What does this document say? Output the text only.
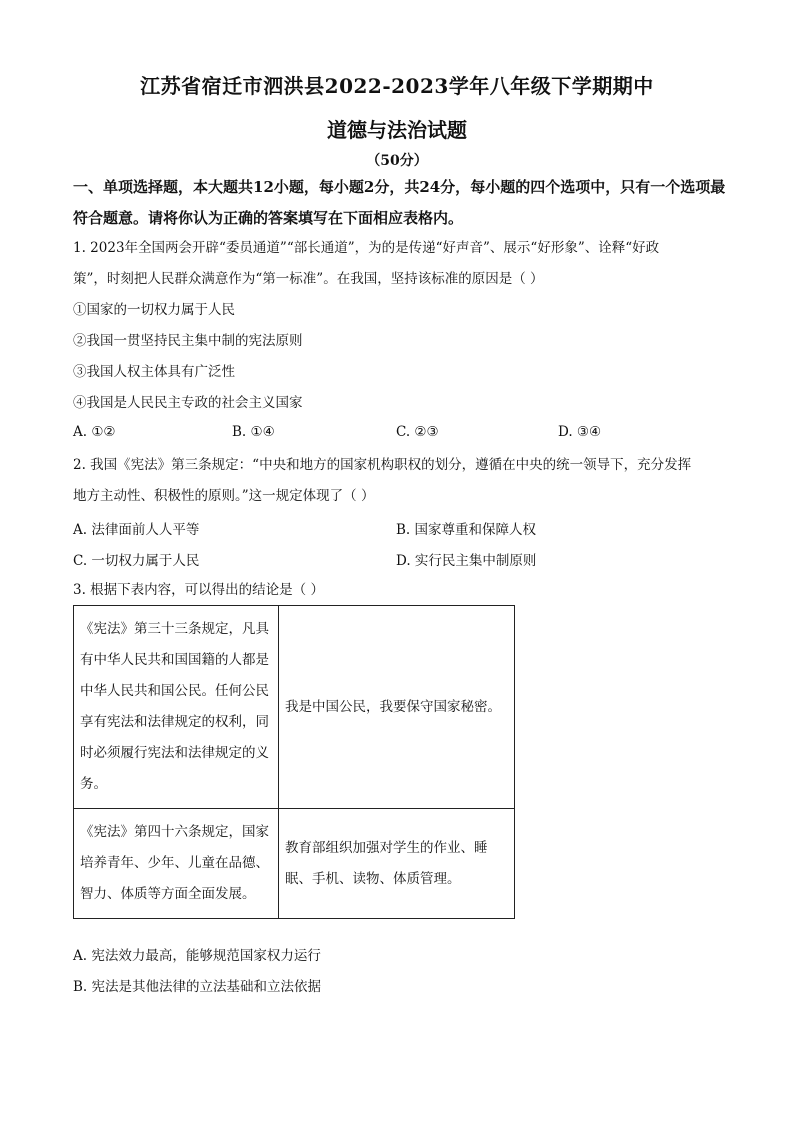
江苏省宿迁市泗洪县2022-2023学年八年级下学期期中
道德与法治试题
（50分）
一、单项选择题，本大题共12小题，每小题2分，共24分，每小题的四个选项中，只有一个选项最符合题意。请将你认为正确的答案填写在下面相应表格内。
1. 2023年全国两会开辟“委员通道”“部长通道”，为的是传递“好声音”、展示“好形象”、诠释“好政
策”，时刻把人民群众满意作为“第一标准”。在我国，坚持该标准的原因是（ ）
①国家的一切权力属于人民
②我国一贯坚持民主集中制的宪法原则
③我国人权主体具有广泛性
④我国是人民民主专政的社会主义国家
A. ①②	B. ①④	C. ②③	D. ③④
2. 我国《宪法》第三条规定：“中央和地方的国家机构职权的划分，遵循在中央的统一领导下，充分发挥
地方主动性、积极性的原则。”这一规定体现了（ ）
A. 法律面前人人平等	B. 国家尊重和保障人权
C. 一切权力属于人民	D. 实行民主集中制原则
3. 根据下表内容，可以得出的结论是（ ）
《宪法》第三十三条规定，凡具有中华人民共和国国籍的人都是中华人民共和国公民。任何公民享有宪法和法律规定的权利，同时必须履行宪法和法律规定的义务。	我是中国公民，我要保守国家秘密。
《宪法》第四十六条规定，国家培养青年、少年、儿童在品德、智力、体质等方面全面发展。	教育部组织加强对学生的作业、睡眠、手机、读物、体质管理。
A. 宪法效力最高，能够规范国家权力运行
B. 宪法是其他法律的立法基础和立法依据
